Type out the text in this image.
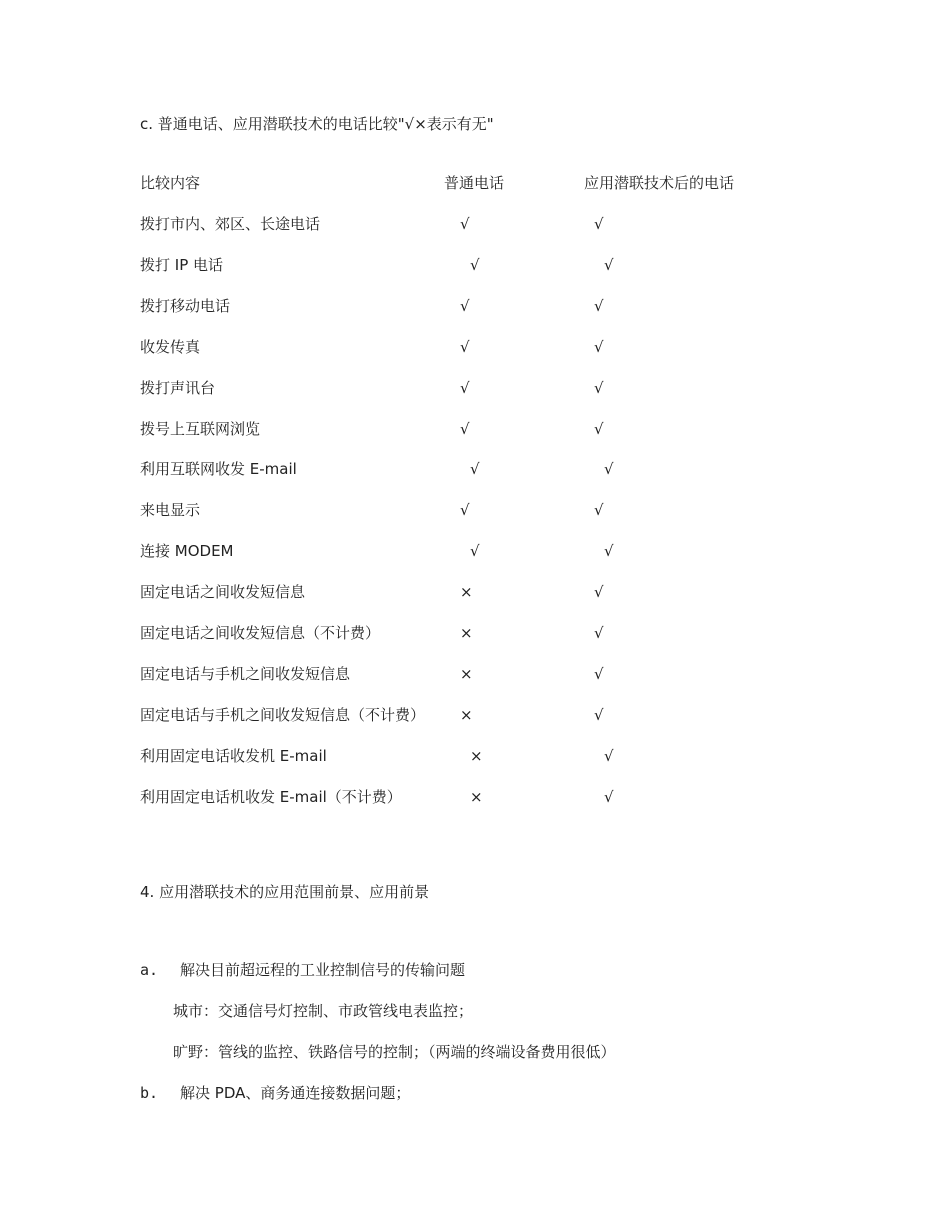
c. 普通电话、应用潜联技术的电话比较"√×表示有无"
比较内容	普通电话	应用潜联技术后的电话
拨打市内、郊区、长途电话	√	√
拨打 IP 电话	√	√
拨打移动电话	√	√
收发传真	√	√
拨打声讯台	√	√
拨号上互联网浏览	√	√
利用互联网收发 E-mail	√	√
来电显示	√	√
连接 MODEM	√	√
固定电话之间收发短信息	×	√
固定电话之间收发短信息（不计费）	×	√
固定电话与手机之间收发短信息	×	√
固定电话与手机之间收发短信息（不计费） ×	√
利用固定电话收发机 E-mail	×	√
利用固定电话机收发 E-mail（不计费）	×	√
4. 应用潜联技术的应用范围前景、应用前景
a. 解决目前超远程的工业控制信号的传输问题
城市：交通信号灯控制、市政管线电表监控；
旷野：管线的监控、铁路信号的控制；（两端的终端设备费用很低）
b. 解决 PDA、商务通连接数据问题；
